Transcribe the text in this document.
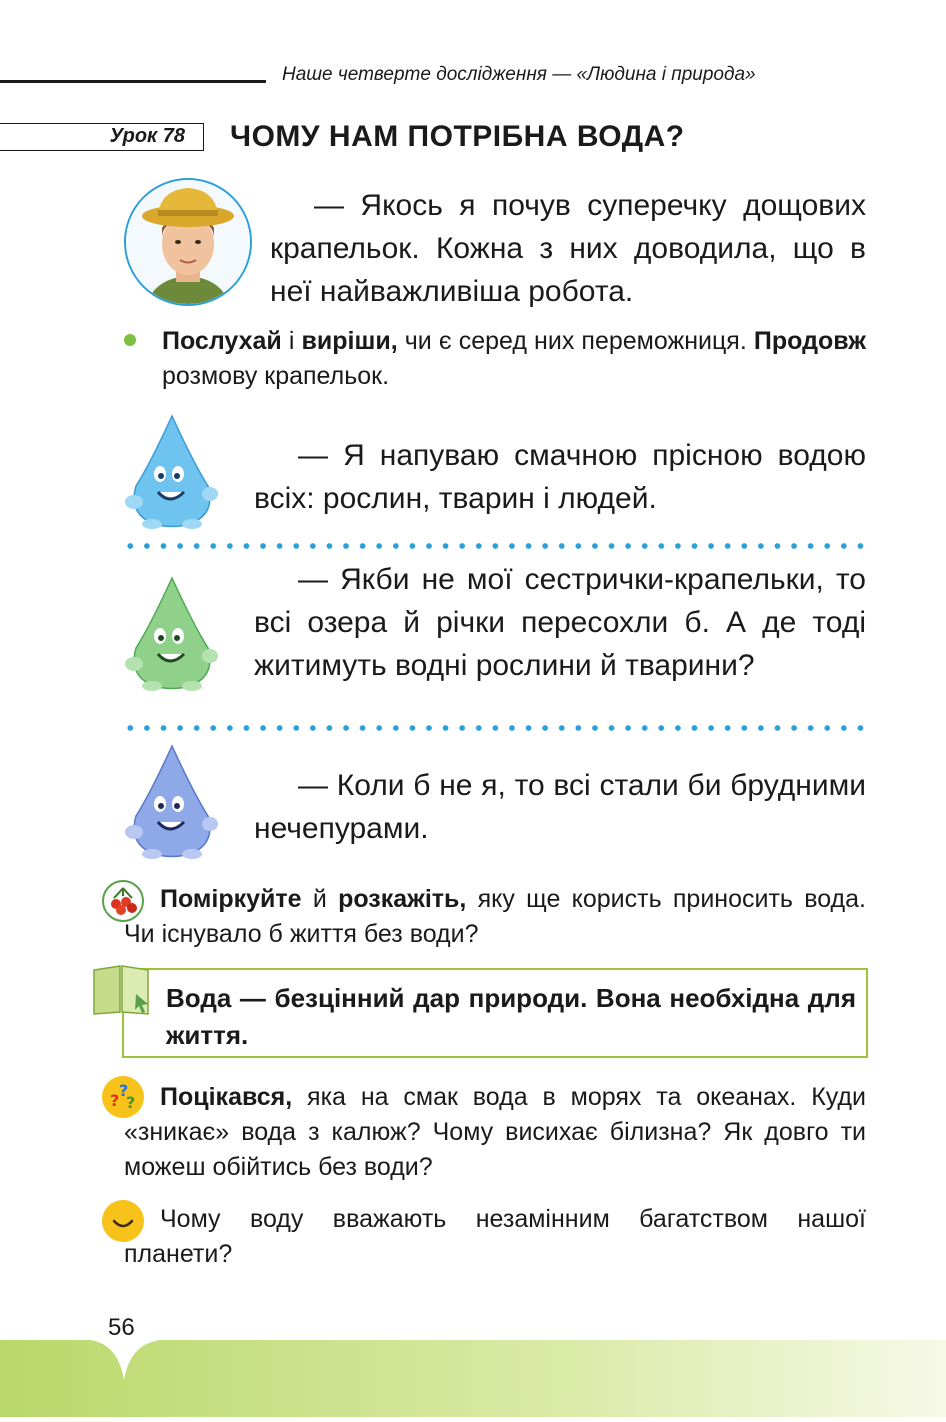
Наше четверте дослідження — «Людина і природа»
Урок 78	ЧОМУ НАМ ПОТРІБНА ВОДА?
— Якось я почув суперечку дощових крапельок. Кожна з них доводила, що в неї найважливіша робота.
Послухай і виріши, чи є серед них переможниця. Продовж розмову крапельок.
— Я напуваю смачною прісною водою всіх: рослин, тварин і людей.
— Якби не мої сестрички-крапельки, то всі озера й річки пересохли б. А де тоді житимуть водні рослини й тварини?
— Коли б не я, то всі стали би брудними нечепурами.
Поміркуйте й розкажіть, яку ще користь приносить вода. Чи існувало б життя без води?
Вода — безцінний дар природи. Вона необхідна для життя.
?
?
? Поцікався, яка на смак вода в морях та океанах. Куди «зникає» вода з калюж? Чому висихає білизна? Як довго ти можеш обійтись без води?
Чому воду вважають незамінним багатством нашої планети?
56
